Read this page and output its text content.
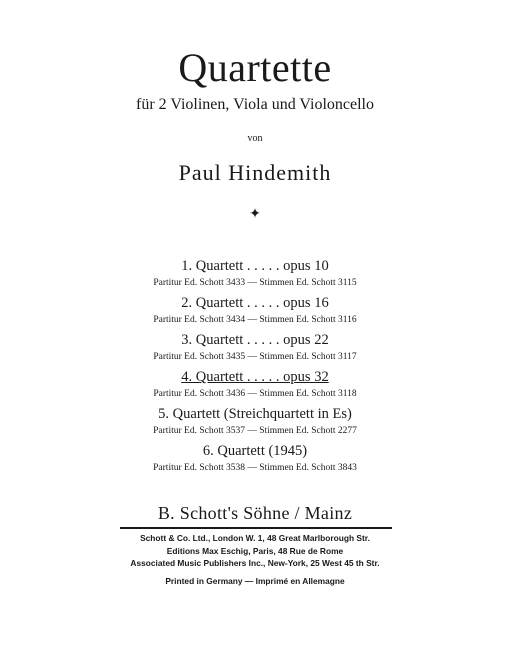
Quartette
für 2 Violinen, Viola und Violoncello
von
Paul Hindemith
✦
1. Quartett . . . . . opus 10
Partitur Ed. Schott 3433 — Stimmen Ed. Schott 3115
2. Quartett . . . . . opus 16
Partitur Ed. Schott 3434 — Stimmen Ed. Schott 3116
3. Quartett . . . . . opus 22
Partitur Ed. Schott 3435 — Stimmen Ed. Schott 3117
4. Quartett . . . . . opus 32
Partitur Ed. Schott 3436 — Stimmen Ed. Schott 3118
5. Quartett (Streichquartett in Es)
Partitur Ed. Schott 3537 — Stimmen Ed. Schott 2277
6. Quartett (1945)
Partitur Ed. Schott 3538 — Stimmen Ed. Schott 3843
B. Schott's Söhne / Mainz
Schott & Co. Ltd., London W. 1, 48 Great Marlborough Str.
Editions Max Eschig, Paris, 48 Rue de Rome
Associated Music Publishers Inc., New-York, 25 West 45 th Str.
Printed in Germany — Imprimé en Allemagne
